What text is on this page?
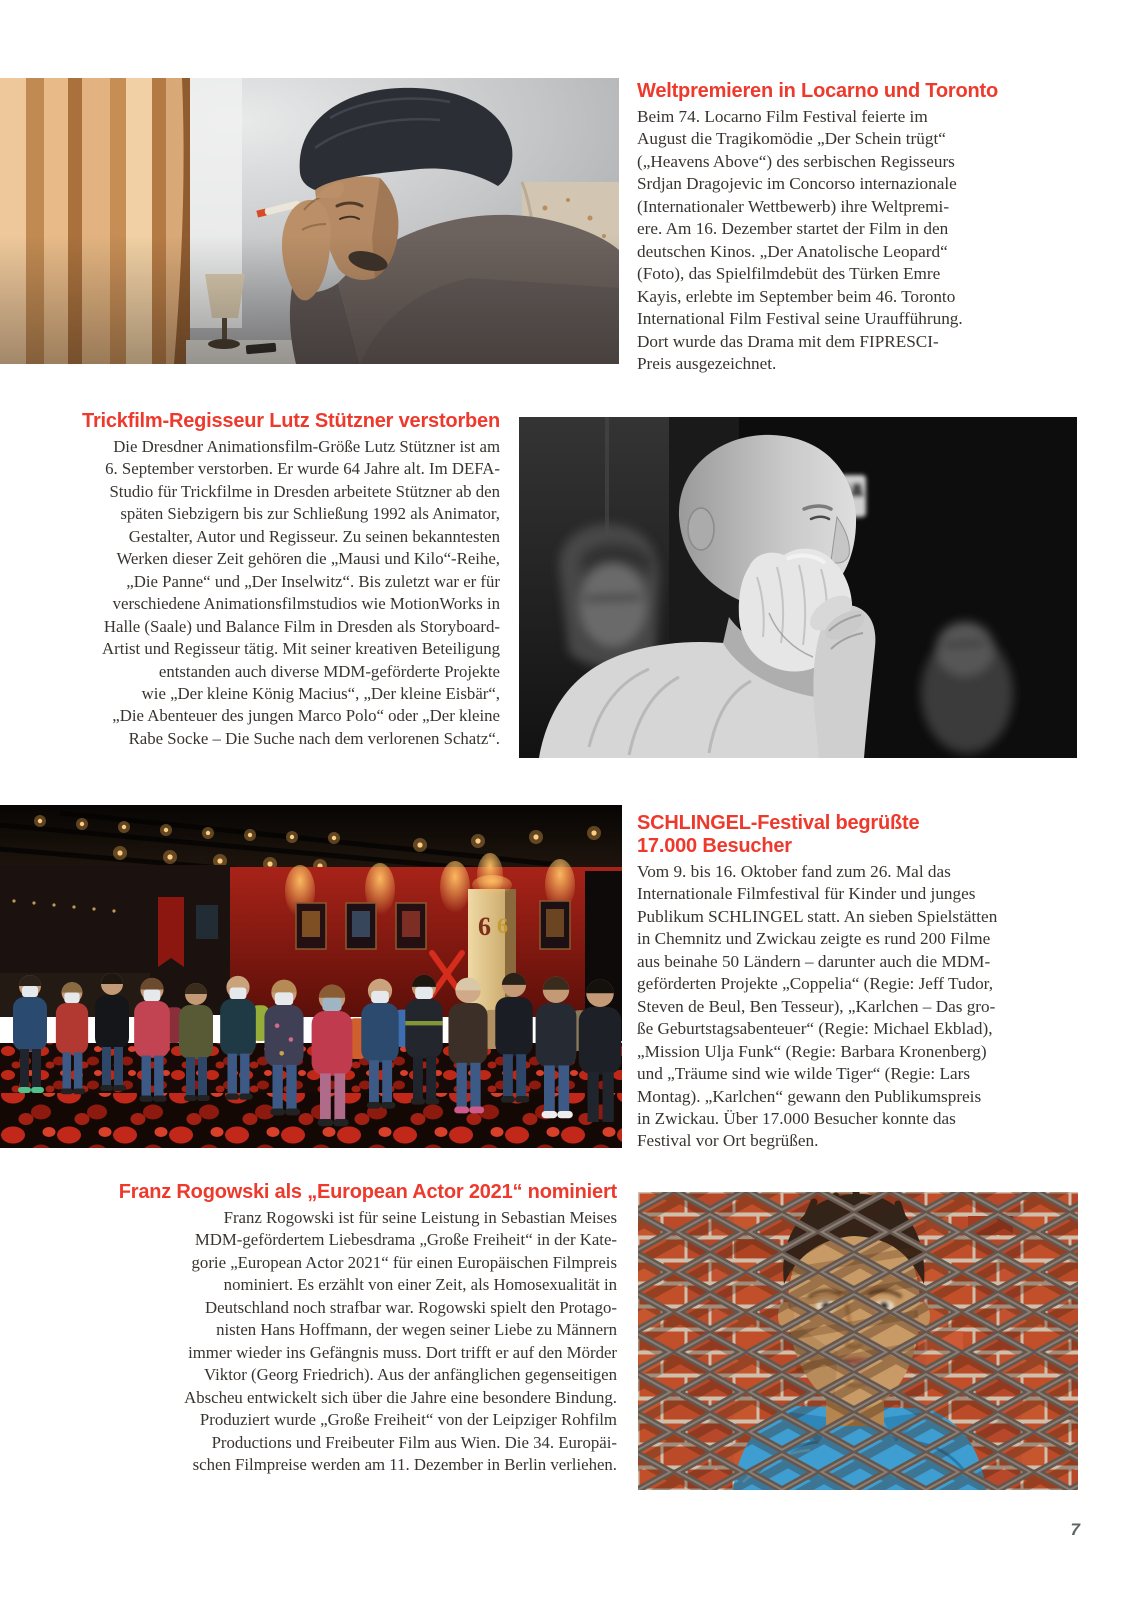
Weltpremieren in Locarno und Toronto
Beim 74. Locarno Film Festival feierte im
August die Tragikomödie „Der Schein trügt“
(„Heavens Above“) des serbischen Regisseurs
Srdjan Dragojevic im Concorso internazionale
(Internationaler Wettbewerb) ihre Weltpremi-
ere. Am 16. Dezember startet der Film in den
deutschen Kinos. „Der Anatolische Leopard“
(Foto), das Spielfilmdebüt des Türken Emre
Kayis, erlebte im September beim 46. Toronto
International Film Festival seine Uraufführung.
Dort wurde das Drama mit dem FIPRESCI-
Preis ausgezeichnet.
Trickfilm-Regisseur Lutz Stützner verstorben
Die Dresdner Animationsfilm-Größe Lutz Stützner ist am
6. September verstorben. Er wurde 64 Jahre alt. Im DEFA-
Studio für Trickfilme in Dresden arbeitete Stützner ab den
späten Siebzigern bis zur Schließung 1992 als Animator,
Gestalter, Autor und Regisseur. Zu seinen bekanntesten
Werken dieser Zeit gehören die „Mausi und Kilo“-Reihe,
„Die Panne“ und „Der Inselwitz“. Bis zuletzt war er für
verschiedene Animationsfilmstudios wie MotionWorks in
Halle (Saale) und Balance Film in Dresden als Storyboard-
Artist und Regisseur tätig. Mit seiner kreativen Beteiligung
entstanden auch diverse MDM-geförderte Projekte
wie „Der kleine König Macius“, „Der kleine Eisbär“,
„Die Abenteuer des jungen Marco Polo“ oder „Der kleine
Rabe Socke – Die Suche nach dem verlorenen Schatz“.
6 6
SCHLINGEL-Festival begrüßte
17.000 Besucher
Vom 9. bis 16. Oktober fand zum 26. Mal das
Internationale Filmfestival für Kinder und junges
Publikum SCHLINGEL statt. An sieben Spielstätten
in Chemnitz und Zwickau zeigte es rund 200 Filme
aus beinahe 50 Ländern – darunter auch die MDM-
geförderten Projekte „Coppelia“ (Regie: Jeff Tudor,
Steven de Beul, Ben Tesseur), „Karlchen – Das gro-
ße Geburtstagsabenteuer“ (Regie: Michael Ekblad),
„Mission Ulja Funk“ (Regie: Barbara Kronenberg)
und „Träume sind wie wilde Tiger“ (Regie: Lars
Montag). „Karlchen“ gewann den Publikumspreis
in Zwickau. Über 17.000 Besucher konnte das
Festival vor Ort begrüßen.
Franz Rogowski als „European Actor 2021“ nominiert
Franz Rogowski ist für seine Leistung in Sebastian Meises
MDM-gefördertem Liebesdrama „Große Freiheit“ in der Kate-
gorie „European Actor 2021“ für einen Europäischen Filmpreis
nominiert. Es erzählt von einer Zeit, als Homosexualität in
Deutschland noch strafbar war. Rogowski spielt den Protago-
nisten Hans Hoffmann, der wegen seiner Liebe zu Männern
immer wieder ins Gefängnis muss. Dort trifft er auf den Mörder
Viktor (Georg Friedrich). Aus der anfänglichen gegenseitigen
Abscheu entwickelt sich über die Jahre eine besondere Bindung.
Produziert wurde „Große Freiheit“ von der Leipziger Rohfilm
Productions und Freibeuter Film aus Wien. Die 34. Europäi-
schen Filmpreise werden am 11. Dezember in Berlin verliehen.
7
